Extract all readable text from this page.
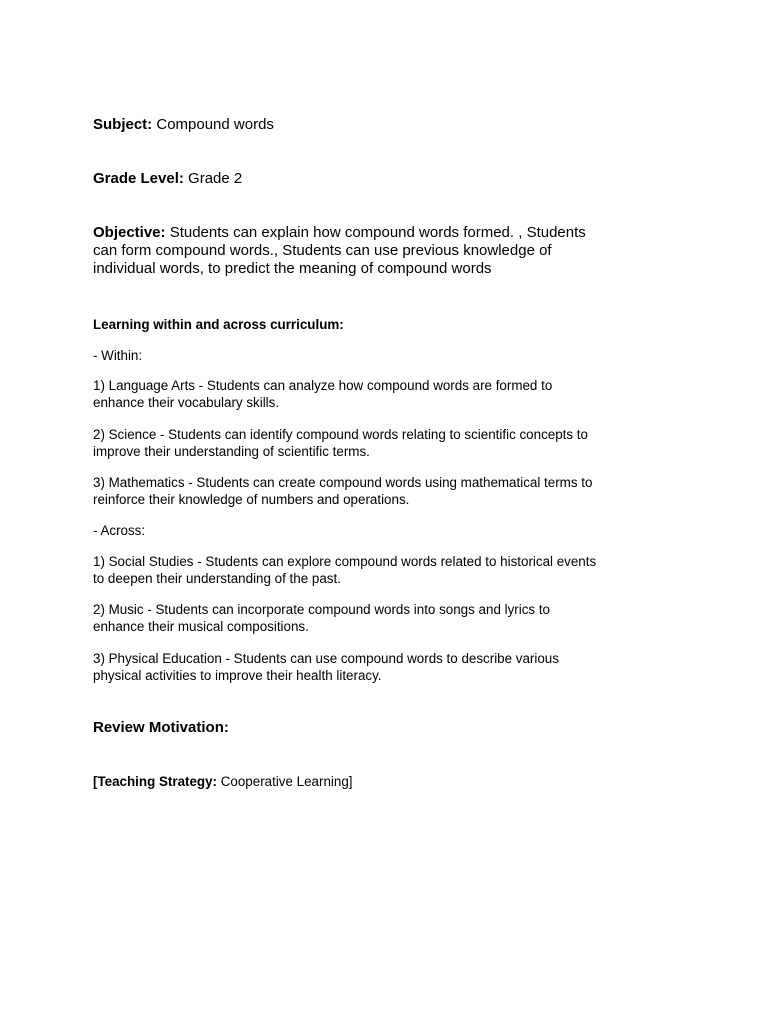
Subject: Compound words

Grade Level: Grade 2

Objective: Students can explain how compound words formed. , Students
can form compound words., Students can use previous knowledge of
individual words, to predict the meaning of compound words

Learning within and across curriculum:

- Within:

1) Language Arts - Students can analyze how compound words are formed to
enhance their vocabulary skills.
2) Science - Students can identify compound words relating to scientific concepts to
improve their understanding of scientific terms.
3) Mathematics - Students can create compound words using mathematical terms to
reinforce their knowledge of numbers and operations.

- Across:

1) Social Studies - Students can explore compound words related to historical events
to deepen their understanding of the past.
2) Music - Students can incorporate compound words into songs and lyrics to
enhance their musical compositions.
3) Physical Education - Students can use compound words to describe various
physical activities to improve their health literacy.

Review Motivation:

[Teaching Strategy: Cooperative Learning]
